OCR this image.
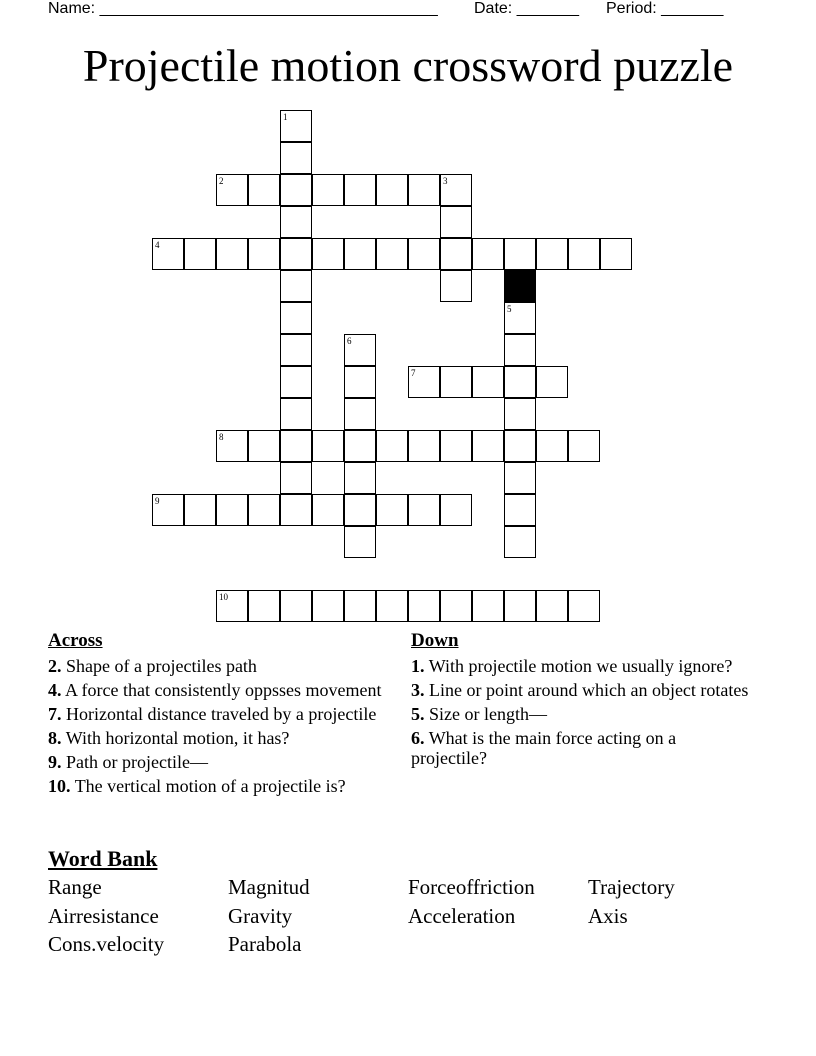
Name: ______________________________________

Date: _______

Period: _______

Projectile motion crossword puzzle
1
2	3
4
5
6
7
8
9
10
Across
2. Shape of a projectiles path
4. A force that consistently oppsses movement
7. Horizontal distance traveled by a projectile
8. With horizontal motion, it has?
9. Path or projectile—
10. The vertical motion of a projectile is?
Down
1. With projectile motion we usually ignore?
3. Line or point around which an object rotates
5. Size or length—
6. What is the main force acting on a projectile?
Word Bank
Range	Magnitud	Forceoffriction	Trajectory
Airresistance	Gravity	Acceleration	Axis
Cons.velocity	Parabola
